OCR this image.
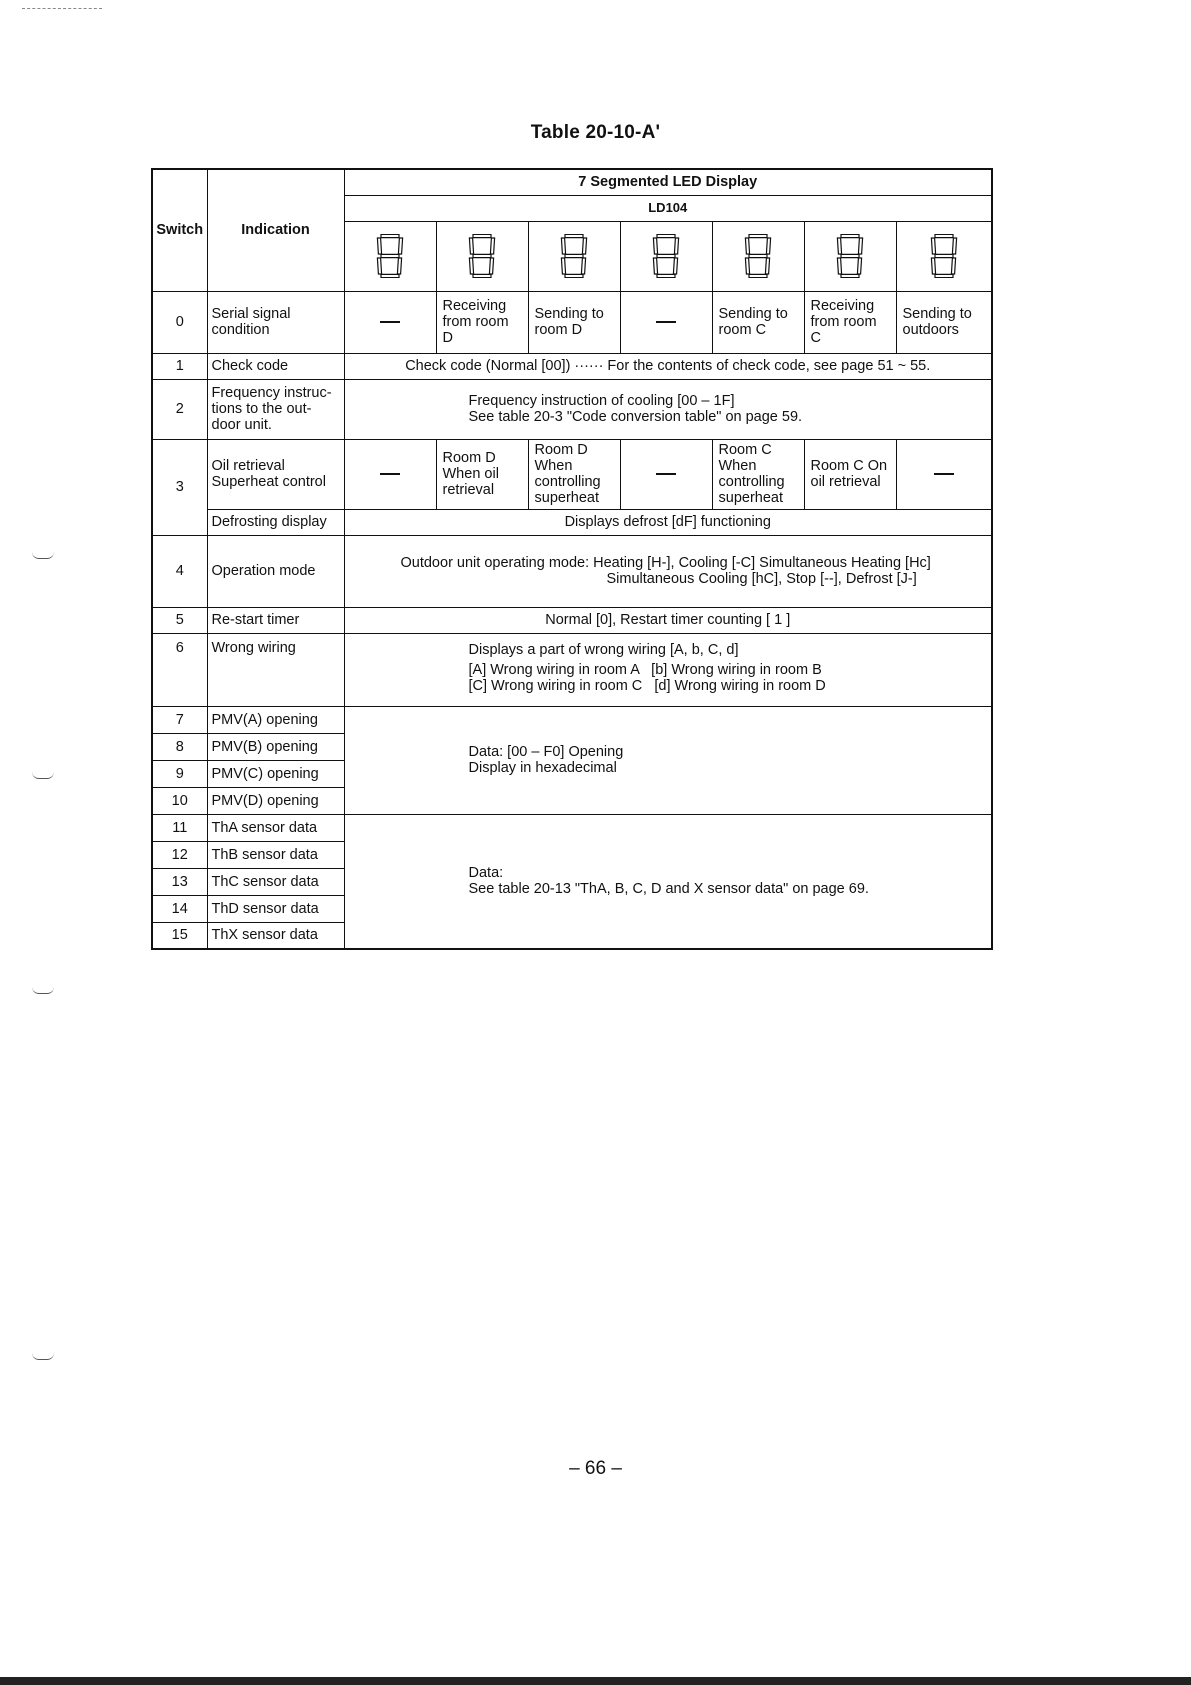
Table 20-10-A'
Switch	Indication	7 Segmented LED Display						
		LD104						

0	Serial signal condition		Receiving from room D	Sending to room D		Sending to room C	Receiving from room C	Sending to outdoors
1	Check code	Check code (Normal [00]) ······ For the contents of check code, see page 51 ~ 55.						
2	Frequency instruc-tions to the out-door unit.	Frequency instruction of cooling [00 – 1F]
See table 20-3 "Code conversion table" on page 59.						

3	Oil retrieval Superheat control		Room D When oil retrieval	Room D When controlling superheat		Room C When controlling superheat	Room C On oil retrieval	
	Defrosting display	Displays defrost [dF] functioning						
4	Operation mode	Outdoor unit operating mode: Heating [H-], Cooling [-C] Simultaneous Heating [Hc]
Simultaneous Cooling [hC], Stop [--], Defrost [J-]						

5	Re-start timer	Normal [0], Restart timer counting [ 1 ]						
6	Wrong wiring	Displays a part of wrong wiring [A, b, C, d]
[A] Wrong wiring in room A   [b] Wrong wiring in room B
[C] Wrong wiring in room C   [d] Wrong wiring in room D						

7	PMV(A) opening	Data: [00 – F0] Opening
Display in hexadecimal						

8	PMV(B) opening							
9	PMV(C) opening							
10	PMV(D) opening							
11	ThA sensor data	Data:
See table 20-13 "ThA, B, C, D and X sensor data" on page 69.						

12	ThB sensor data							
13	ThC sensor data							
14	ThD sensor data							
15	ThX sensor data							
– 66 –
